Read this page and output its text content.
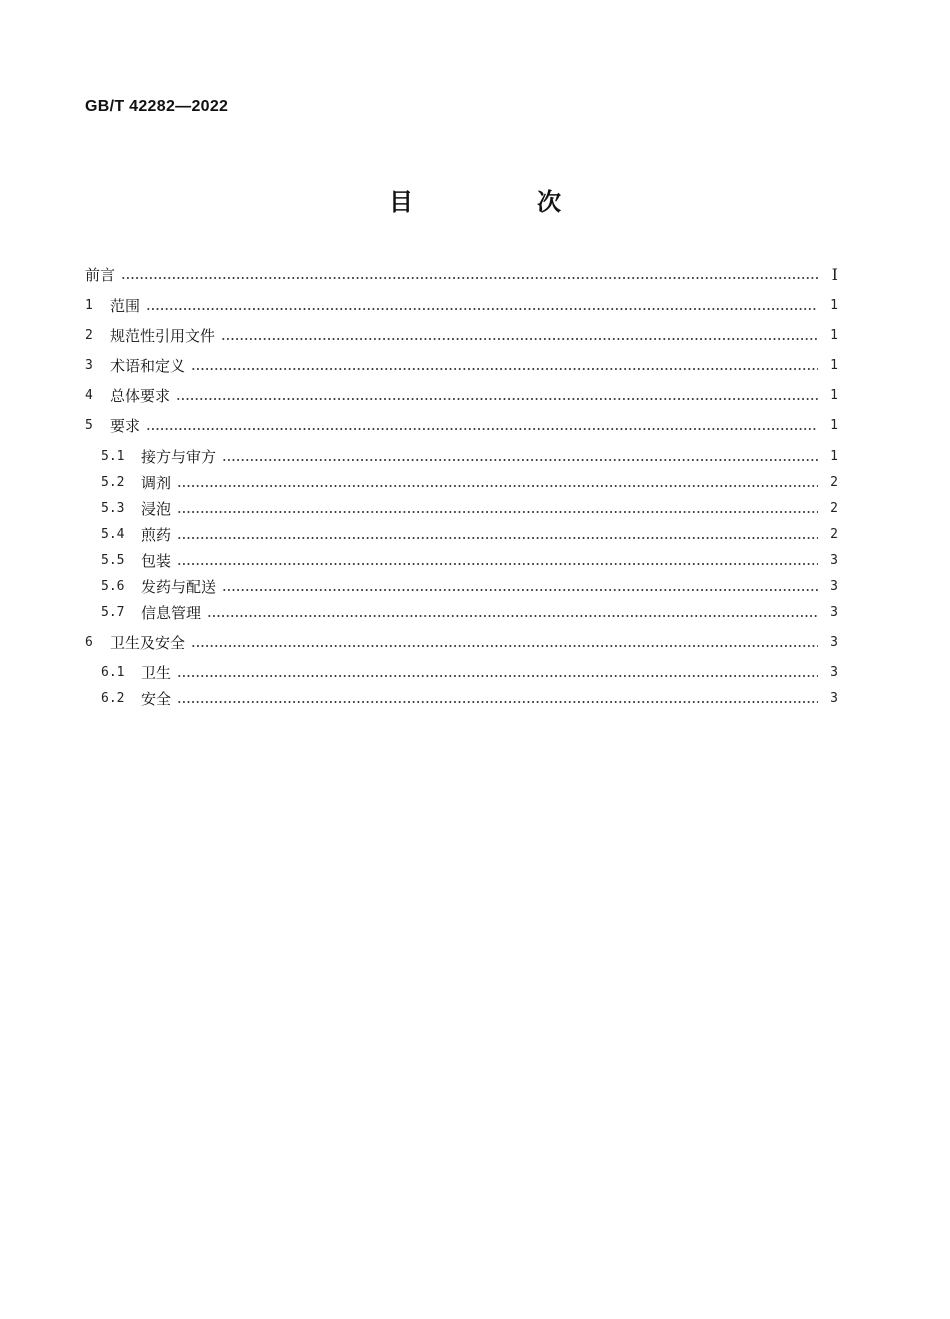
GB/T 42282—2022
目　次
前言	Ⅰ
1	范围	1
2	规范性引用文件	1
3	术语和定义	1
4	总体要求	1
5	要求	1
5.1	接方与审方	1
5.2	调剂	2
5.3	浸泡	2
5.4	煎药	2
5.5	包装	3
5.6	发药与配送	3
5.7	信息管理	3
6	卫生及安全	3
6.1	卫生	3
6.2	安全	3
